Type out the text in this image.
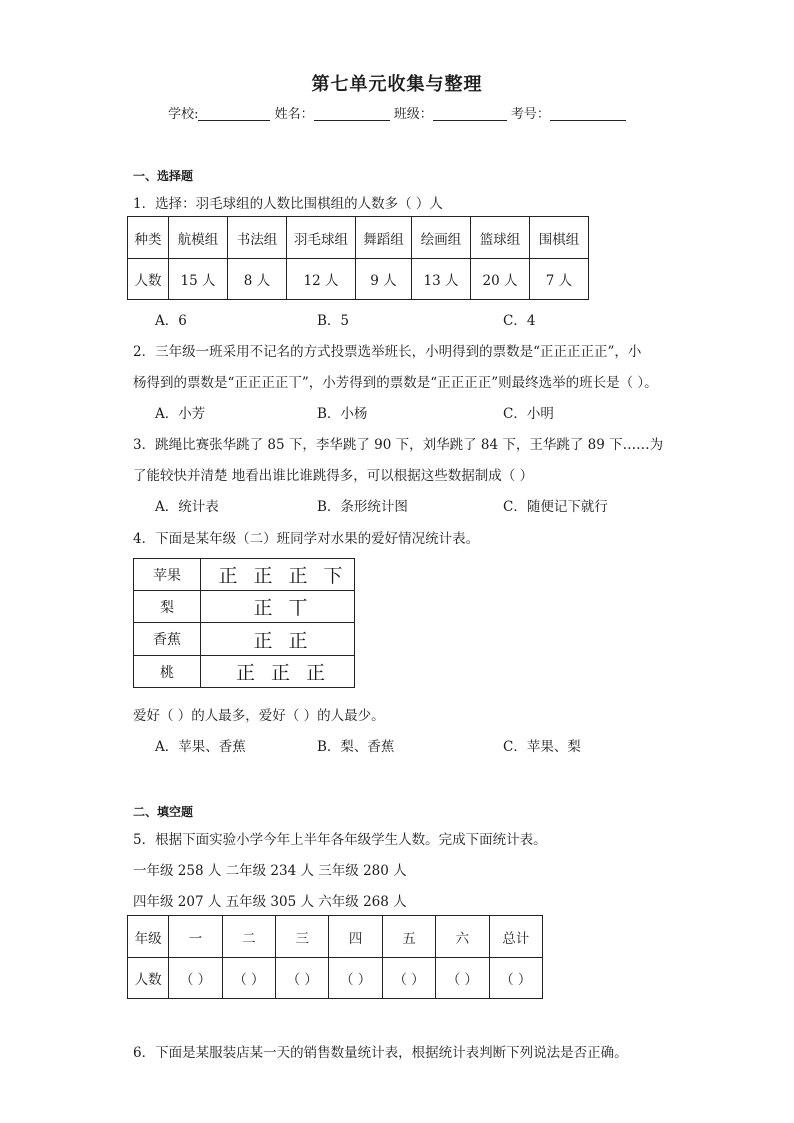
第七单元收集与整理
学校:	姓名：	班级：	考号：
一、选择题
1．选择：羽毛球组的人数比围棋组的人数多（ ）人
种类	航模组	书法组	羽毛球组	舞蹈组	绘画组	篮球组	围棋组
人数	15 人	8 人	12 人	9 人	13 人	20 人	7 人
A．6	B．5	C．4
2．三年级一班采用不记名的方式投票选举班长，小明得到的票数是“正正正正正”，小
杨得到的票数是“正正正正丅”，小芳得到的票数是“正正正正”则最终选举的班长是（ ）。
A．小芳	B．小杨	C．小明
3．跳绳比赛张华跳了 85 下，李华跳了 90 下，刘华跳了 84 下，王华跳了 89 下……为
了能较快并清楚 地看出谁比谁跳得多，可以根据这些数据制成（ ）
A．统计表	B．条形统计图	C．随便记下就行
4．下面是某年级（二）班同学对水果的爱好情况统计表。
苹果	正 正 正 下
梨	正 丅
香蕉	正 正
桃	正 正 正
爱好（ ）的人最多，爱好（ ）的人最少。
A．苹果、香蕉	B．梨、香蕉	C．苹果、梨
二、填空题
5．根据下面实验小学今年上半年各年级学生人数。完成下面统计表。
一年级 258 人 二年级 234 人 三年级 280 人
四年级 207 人 五年级 305 人 六年级 268 人
年级	一	二	三	四	五	六	总计
人数	（ ）	（ ）	（ ）	（ ）	（ ）	（ ）	（ ）
6．下面是某服装店某一天的销售数量统计表，根据统计表判断下列说法是否正确。
